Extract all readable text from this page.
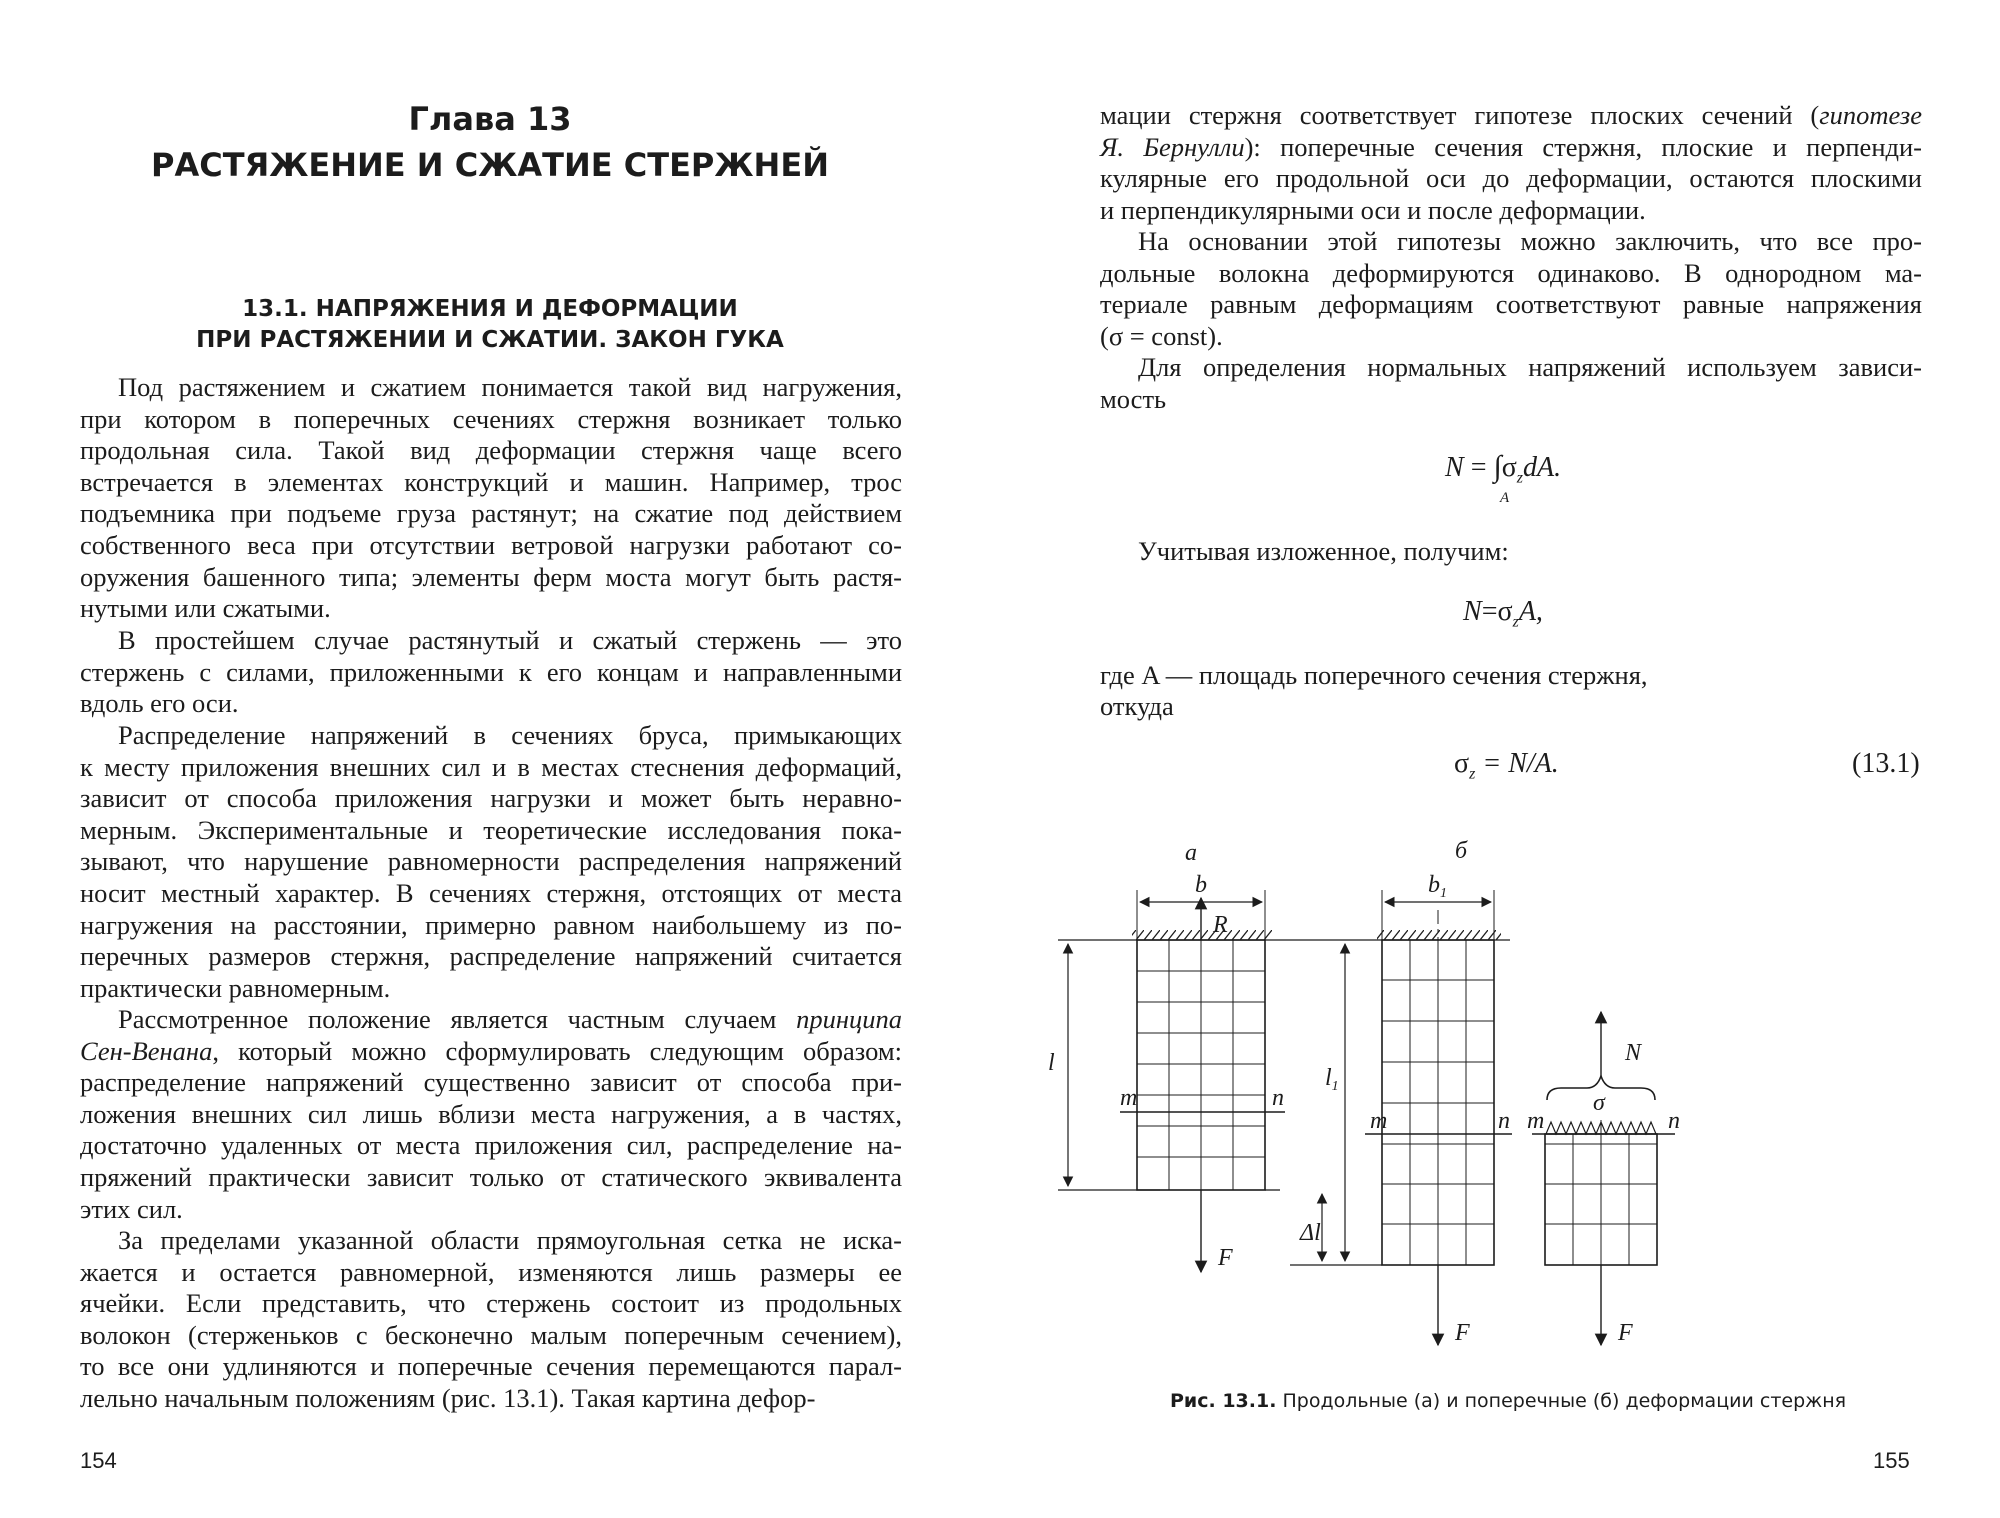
Глава 13
РАСТЯЖЕНИЕ И СЖАТИЕ СТЕРЖНЕЙ
13.1. НАПРЯЖЕНИЯ И ДЕФОРМАЦИИ
ПРИ РАСТЯЖЕНИИ И СЖАТИИ. ЗАКОН ГУКА
Под растяжением и сжатием понимается такой вид нагружения,
при котором в поперечных сечениях стержня возникает только
продольная сила. Такой вид деформации стержня чаще всего
встречается в элементах конструкций и машин. Например, трос
подъемника при подъеме груза растянут; на сжатие под действием
собственного веса при отсутствии ветровой нагрузки работают со-
оружения башенного типа; элементы ферм моста могут быть растя-
нутыми или сжатыми.
В простейшем случае растянутый и сжатый стержень — это
стержень с силами, приложенными к его концам и направленными
вдоль его оси.
Распределение напряжений в сечениях бруса, примыкающих
к месту приложения внешних сил и в местах стеснения деформаций,
зависит от способа приложения нагрузки и может быть неравно-
мерным. Экспериментальные и теоретические исследования пока-
зывают, что нарушение равномерности распределения напряжений
носит местный характер. В сечениях стержня, отстоящих от места
нагружения на расстоянии, примерно равном наибольшему из по-
перечных размеров стержня, распределение напряжений считается
практически равномерным.
Рассмотренное положение является частным случаем принципа
Сен-Венана, который можно сформулировать следующим образом:
распределение напряжений существенно зависит от способа при-
ложения внешних сил лишь вблизи места нагружения, а в частях,
достаточно удаленных от места приложения сил, распределение на-
пряжений практически зависит только от статического эквивалента
этих сил.
За пределами указанной области прямоугольная сетка не иска-
жается и остается равномерной, изменяются лишь размеры ее
ячейки. Если представить, что стержень состоит из продольных
волокон (стерженьков с бесконечно малым поперечным сечением),
то все они удлиняются и поперечные сечения перемещаются парал-
лельно начальным положениям (рис. 13.1). Такая картина дефор-
154
мации стержня соответствует гипотезе плоских сечений (гипотезе
Я. Бернулли): поперечные сечения стержня, плоские и перпенди-
кулярные его продольной оси до деформации, остаются плоскими
и перпендикулярными оси и после деформации.
На основании этой гипотезы можно заключить, что все про-
дольные волокна деформируются одинаково. В однородном ма-
териале равным деформациям соответствуют равные напряжения
(σ = const).
Для определения нормальных напряжений используем зависи-
мость
$N = \int\sigma_zdA$.
A
Учитывая изложенное, получим:
$N=\sigma_zA$,
где A — площадь поперечного сечения стержня,
откуда
$\sigma_z = N/A$.	(13.1)
а	б
b	$b_1$
R
l
$l_1$
m	n
m	n m	n
Δl
F
F	F
N
σ
Рис. 13.1. Продольные (а) и поперечные (б) деформации стержня
155
